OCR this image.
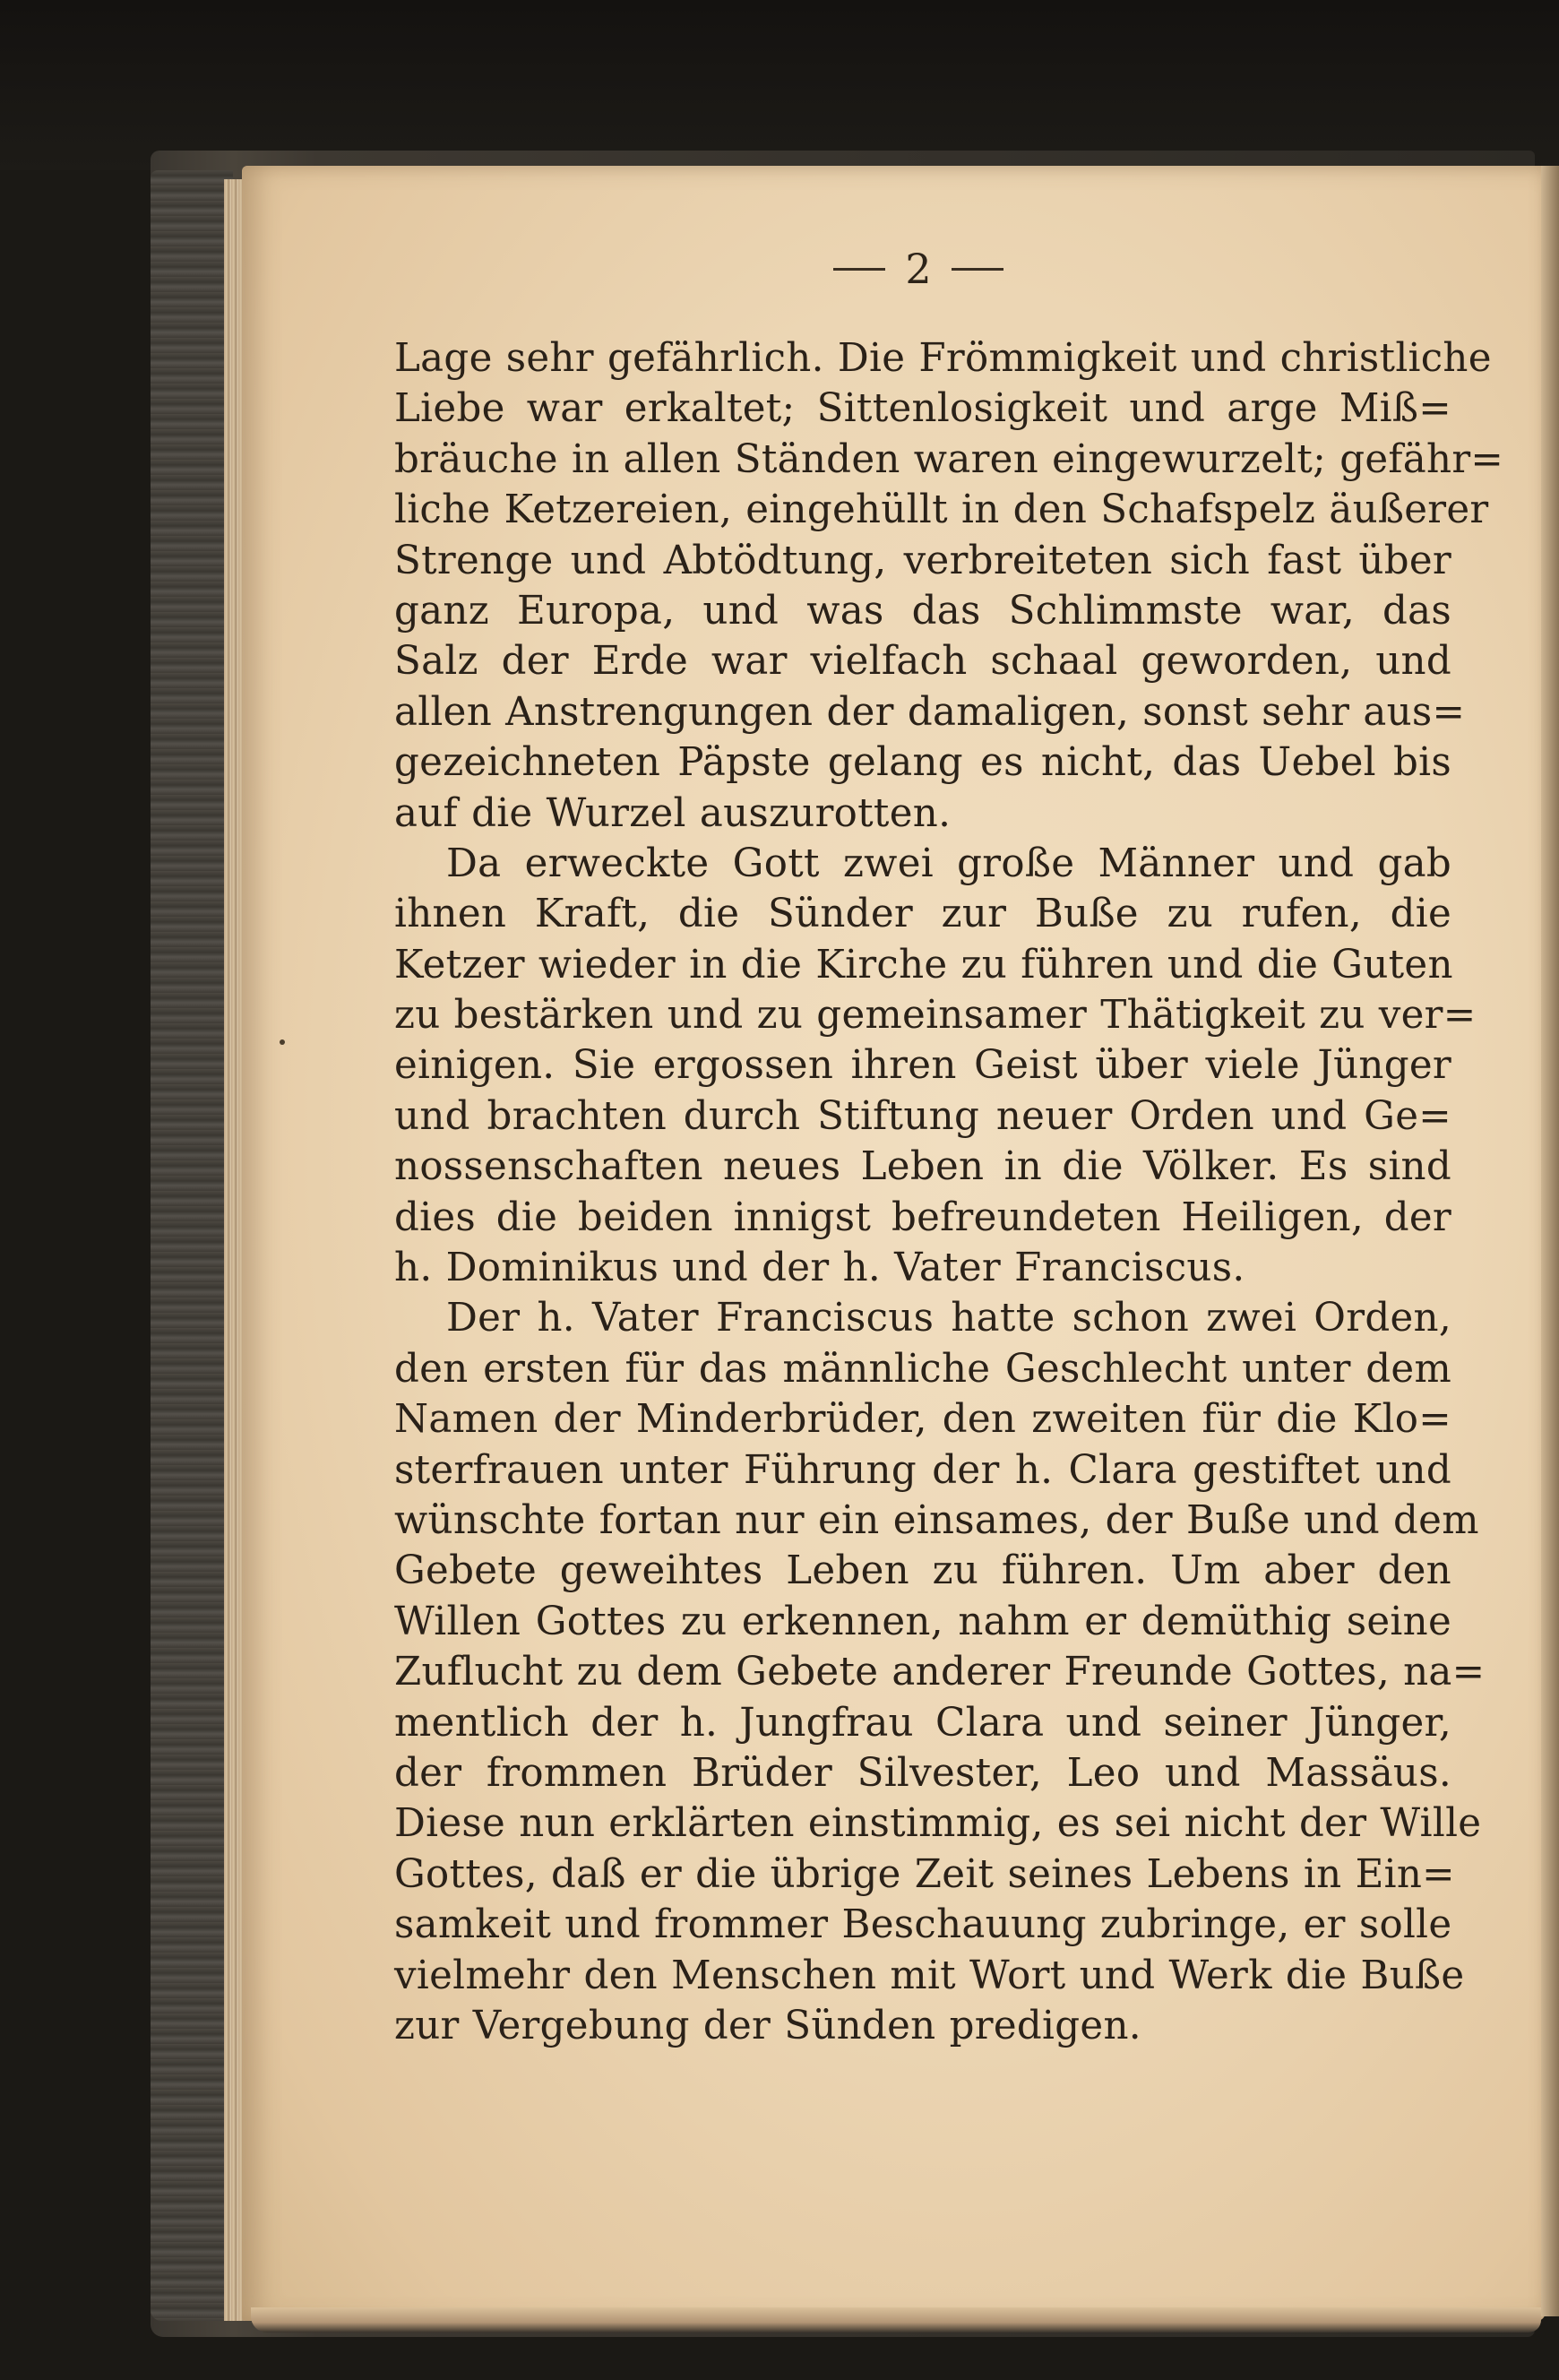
2
Lage sehr gefährlich. Die Frömmigkeit und christliche
Liebe war erkaltet; Sittenlosigkeit und arge Miß=
bräuche in allen Ständen waren eingewurzelt; gefähr=
liche Ketzereien, eingehüllt in den Schafspelz äußerer
Strenge und Abtödtung, verbreiteten sich fast über
ganz Europa, und was das Schlimmste war, das
Salz der Erde war vielfach schaal geworden, und
allen Anstrengungen der damaligen, sonst sehr aus=
gezeichneten Päpste gelang es nicht, das Uebel bis
auf die Wurzel auszurotten.
Da erweckte Gott zwei große Männer und gab
ihnen Kraft, die Sünder zur Buße zu rufen, die
Ketzer wieder in die Kirche zu führen und die Guten
zu bestärken und zu gemeinsamer Thätigkeit zu ver=
einigen. Sie ergossen ihren Geist über viele Jünger
und brachten durch Stiftung neuer Orden und Ge=
nossenschaften neues Leben in die Völker. Es sind
dies die beiden innigst befreundeten Heiligen, der
h. Dominikus und der h. Vater Franciscus.
Der h. Vater Franciscus hatte schon zwei Orden,
den ersten für das männliche Geschlecht unter dem
Namen der Minderbrüder, den zweiten für die Klo=
sterfrauen unter Führung der h. Clara gestiftet und
wünschte fortan nur ein einsames, der Buße und dem
Gebete geweihtes Leben zu führen. Um aber den
Willen Gottes zu erkennen, nahm er demüthig seine
Zuflucht zu dem Gebete anderer Freunde Gottes, na=
mentlich der h. Jungfrau Clara und seiner Jünger,
der frommen Brüder Silvester, Leo und Massäus.
Diese nun erklärten einstimmig, es sei nicht der Wille
Gottes, daß er die übrige Zeit seines Lebens in Ein=
samkeit und frommer Beschauung zubringe, er solle
vielmehr den Menschen mit Wort und Werk die Buße
zur Vergebung der Sünden predigen.
